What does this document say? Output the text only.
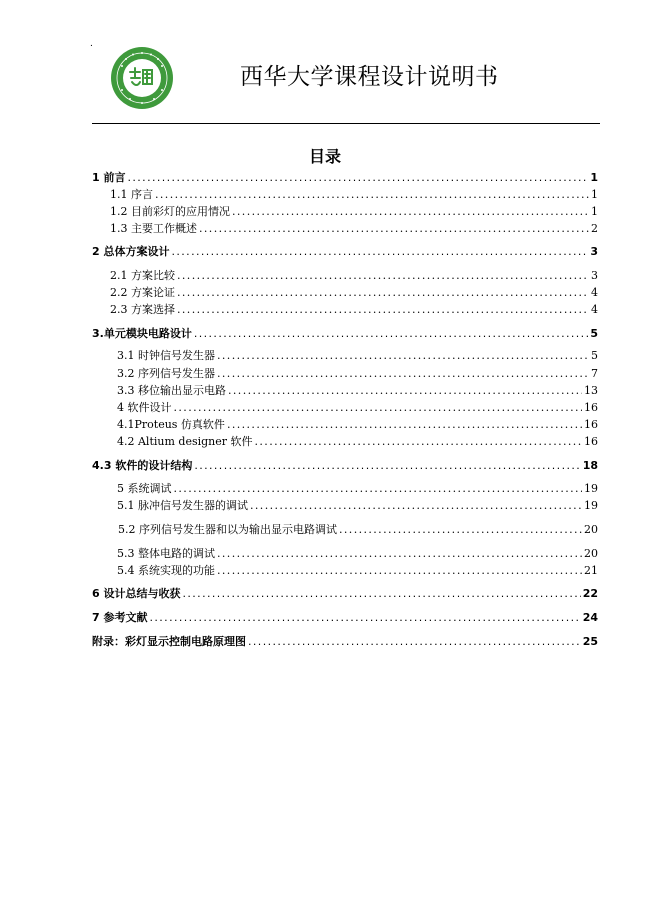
.
西华大学课程设计说明书
目录
1 前言 .....	1
1.1 序言 .....	1
1.2 目前彩灯的应用情况 .....	1
1.3 主要工作概述 .....	2
2 总体方案设计 .....	3
2.1 方案比较 .....	3
2.2 方案论证 .....	4
2.3 方案选择 .....	4
3.单元模块电路设计 .....	5
3.1 时钟信号发生器 .....	5
3.2 序列信号发生器 .....	7
3.3 移位输出显示电路 .....	13
4 软件设计 .....	16
4.1Proteus 仿真软件 .....	16
4.2 Altium designer 软件 .....	16
4.3 软件的设计结构 .....	18
5 系统调试 .....	19
5.1 脉冲信号发生器的调试 .....	19
5.2 序列信号发生器和以为输出显示电路调试 .....	20
5.3 整体电路的调试 .....	20
5.4 系统实现的功能 .....	21
6 设计总结与收获 .....	22
7 参考文献 .....	24
附录：彩灯显示控制电路原理图 .....	25
